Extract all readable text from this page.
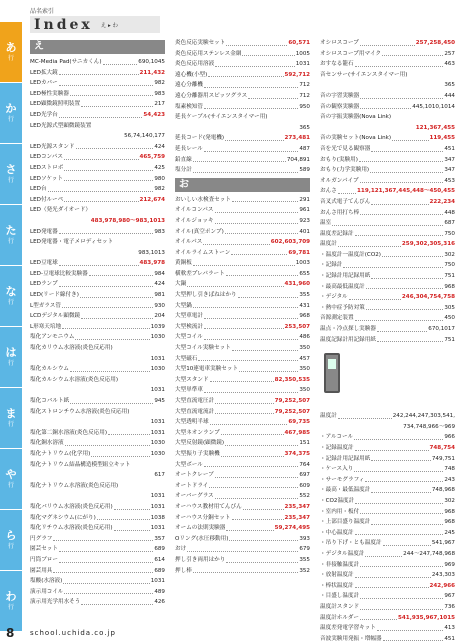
あ
行
か
行
さ
行
た
行
な
行
は
行
ま
行
や
行
ら
行
わ
行
品名索引
Index え ▸ わ
え
MC-Media Pad(サニカくん)	690,1045
LED拡大鏡	211,432
LEDカバー	982
LED極性実験器	983
LED顕微鏡照明装置	217
LED光学台	54,423
LED光源式型顕微鏡装置
56,74,140,177
LED光源スタンド	424
LEDコンパス	465,759
LEDストロボ	425
LEDソケット	980
LED台	982
LED付ルーペ	212,674
LED（発光ダイオード）
483,978,980〜983,1013
LED発電器	983
LED発電器・電子メロディセット
983,1013
LED豆電球	483,978
LED-豆電球比較実験器	984
LEDランプ	424
LED(リード線付き)	981
L型ガラス管	930
LCDデジタル顕微鏡	204
L形寒天培地	1039
塩化アンモニウム	1030
塩化カリウム水溶液(炎色反応用)
1031
塩化カルシウム	1030
塩化カルシウム水溶液(炎色反応用)
1031
塩化コバルト紙	945
塩化ストロンチウム水溶液(炎色反応用)
1031
塩化第二銅水溶液(炎色反応用)	1031
塩化銅水溶液	1030
塩化ナトリウム(化学用)	1030
塩化ナトリウム結晶構造模型組立キット
617
塩化ナトリウム水溶液(炎色反応用)
1031
塩化バリウム水溶液(炎色反応用)	1031
塩化マグネシウム(にがり)	1038
塩化リチウム水溶液(炎色反応用)	1031
円グラフ	357
園芸セット	689
円筒ブロー	614
園芸用具	689
塩酸(水溶液)	1031
演示用コイル	489
演示用光学用水そう	426
炎色反応実験セット	60,571
炎色反応用ステンレス金網	1005
炎色反応用溶液	1031
遠心機(小型)	592,712
遠心分離機	712
遠心分離器用スピッツグラス	712
塩素検知管	950
延長ケーブル(サイエンスタイマー用)
365
延長コード(発電機)	273,481
延長レール	487
鉛直線	704,891
塩分計	589
お
おいしい水検査セット	291
オイルコンパス	961
オイルジョッキ	923
オイル(真空ポンプ)	401
オイルパス	602,603,709
オイルライムストーン	69,781
黄銅板	1003
横軟差プレパラート	655
大鍋	431,960
大型押し引きばねはかり	355
大型鍋	431
大型車電計	968
大型検流計	253,507
大型コイル	486
大型コイル実験セット	350
大型磁石	457
大型10連電車実験セット	350
大型スタンド	82,350,535
大型単準車	350
大型直流電圧計	79,252,507
大型直流電流計	79,252,507
大型透明半球	69,735
大型ネオンランプ	467,985
大型反射鏡(顕微鏡)	151
大型振り子実験機	374,375
大型ボール	764
オートクレーブ	697
オートドライ	609
オーバーグラス	552
オーハウス教材用てんびん	235,347
オーハウス分銅セット	235,347
オームの法則実験器	59,274,495
Oリング(水圧移動用)	393
おけ	679
押し引き両用はかり	355
押し棒	352
オシロスコープ	257,258,450
オシロスコープ用マイク	257
おすなる籠石	463
音センサー(サイエンスタイマー用)
365
音の字習実験器	444
音の観察実験器	445,1010,1014
音の字振実験器(Nova Link)
121,367,455
音の実験セット(Nova Link)	119,455
音を光で見る観察器	451
おもり(実験用)	347
おもり(力学実験用)	347
オルガンパイプ	453
おんさ	119,121,367,445,448〜450,455
音叉式電子てんびん	222,234
おんさ用打ち棒	448
温室	687
温度差記録計	750
温度計	259,302,305,316
・温度計一温度計(CO2)	302
・記録計	750
・記録計用記録用紙	751
・最高最低温度計	968
・デジタル	246,304,754,758
・熱中症予防対策	305
音源測定装置	450
温点・冷点探し実験器	670,1017
温度記録計用記録用紙	751
温度計	242,244,247,303,541,
734,748,966〜969
・アルコール	966
・記録温度計	748,754
・記録計用記録用紙	749,751
・ケース入り	748
・サーモグラフィ	243
・最高・最低温度計	748,968
・CO2温度計	302
・室内用・板付	968
・上部目盛り温度計	968
・中心温度計	245
・吊り下げ・とも温度計	541,967
・デジタル温度計	244〜247,748,968
・非接触温度計	969
・放射温度計	243,303
・棒状温度計	242,966
・目盛し温度計	967
温度計スタンド	736
温度計ホルダー	541,935,967,1015
温度差発電学習キット	413
音波実験用発振・増幅器	451
8 school.uchida.co.jp
